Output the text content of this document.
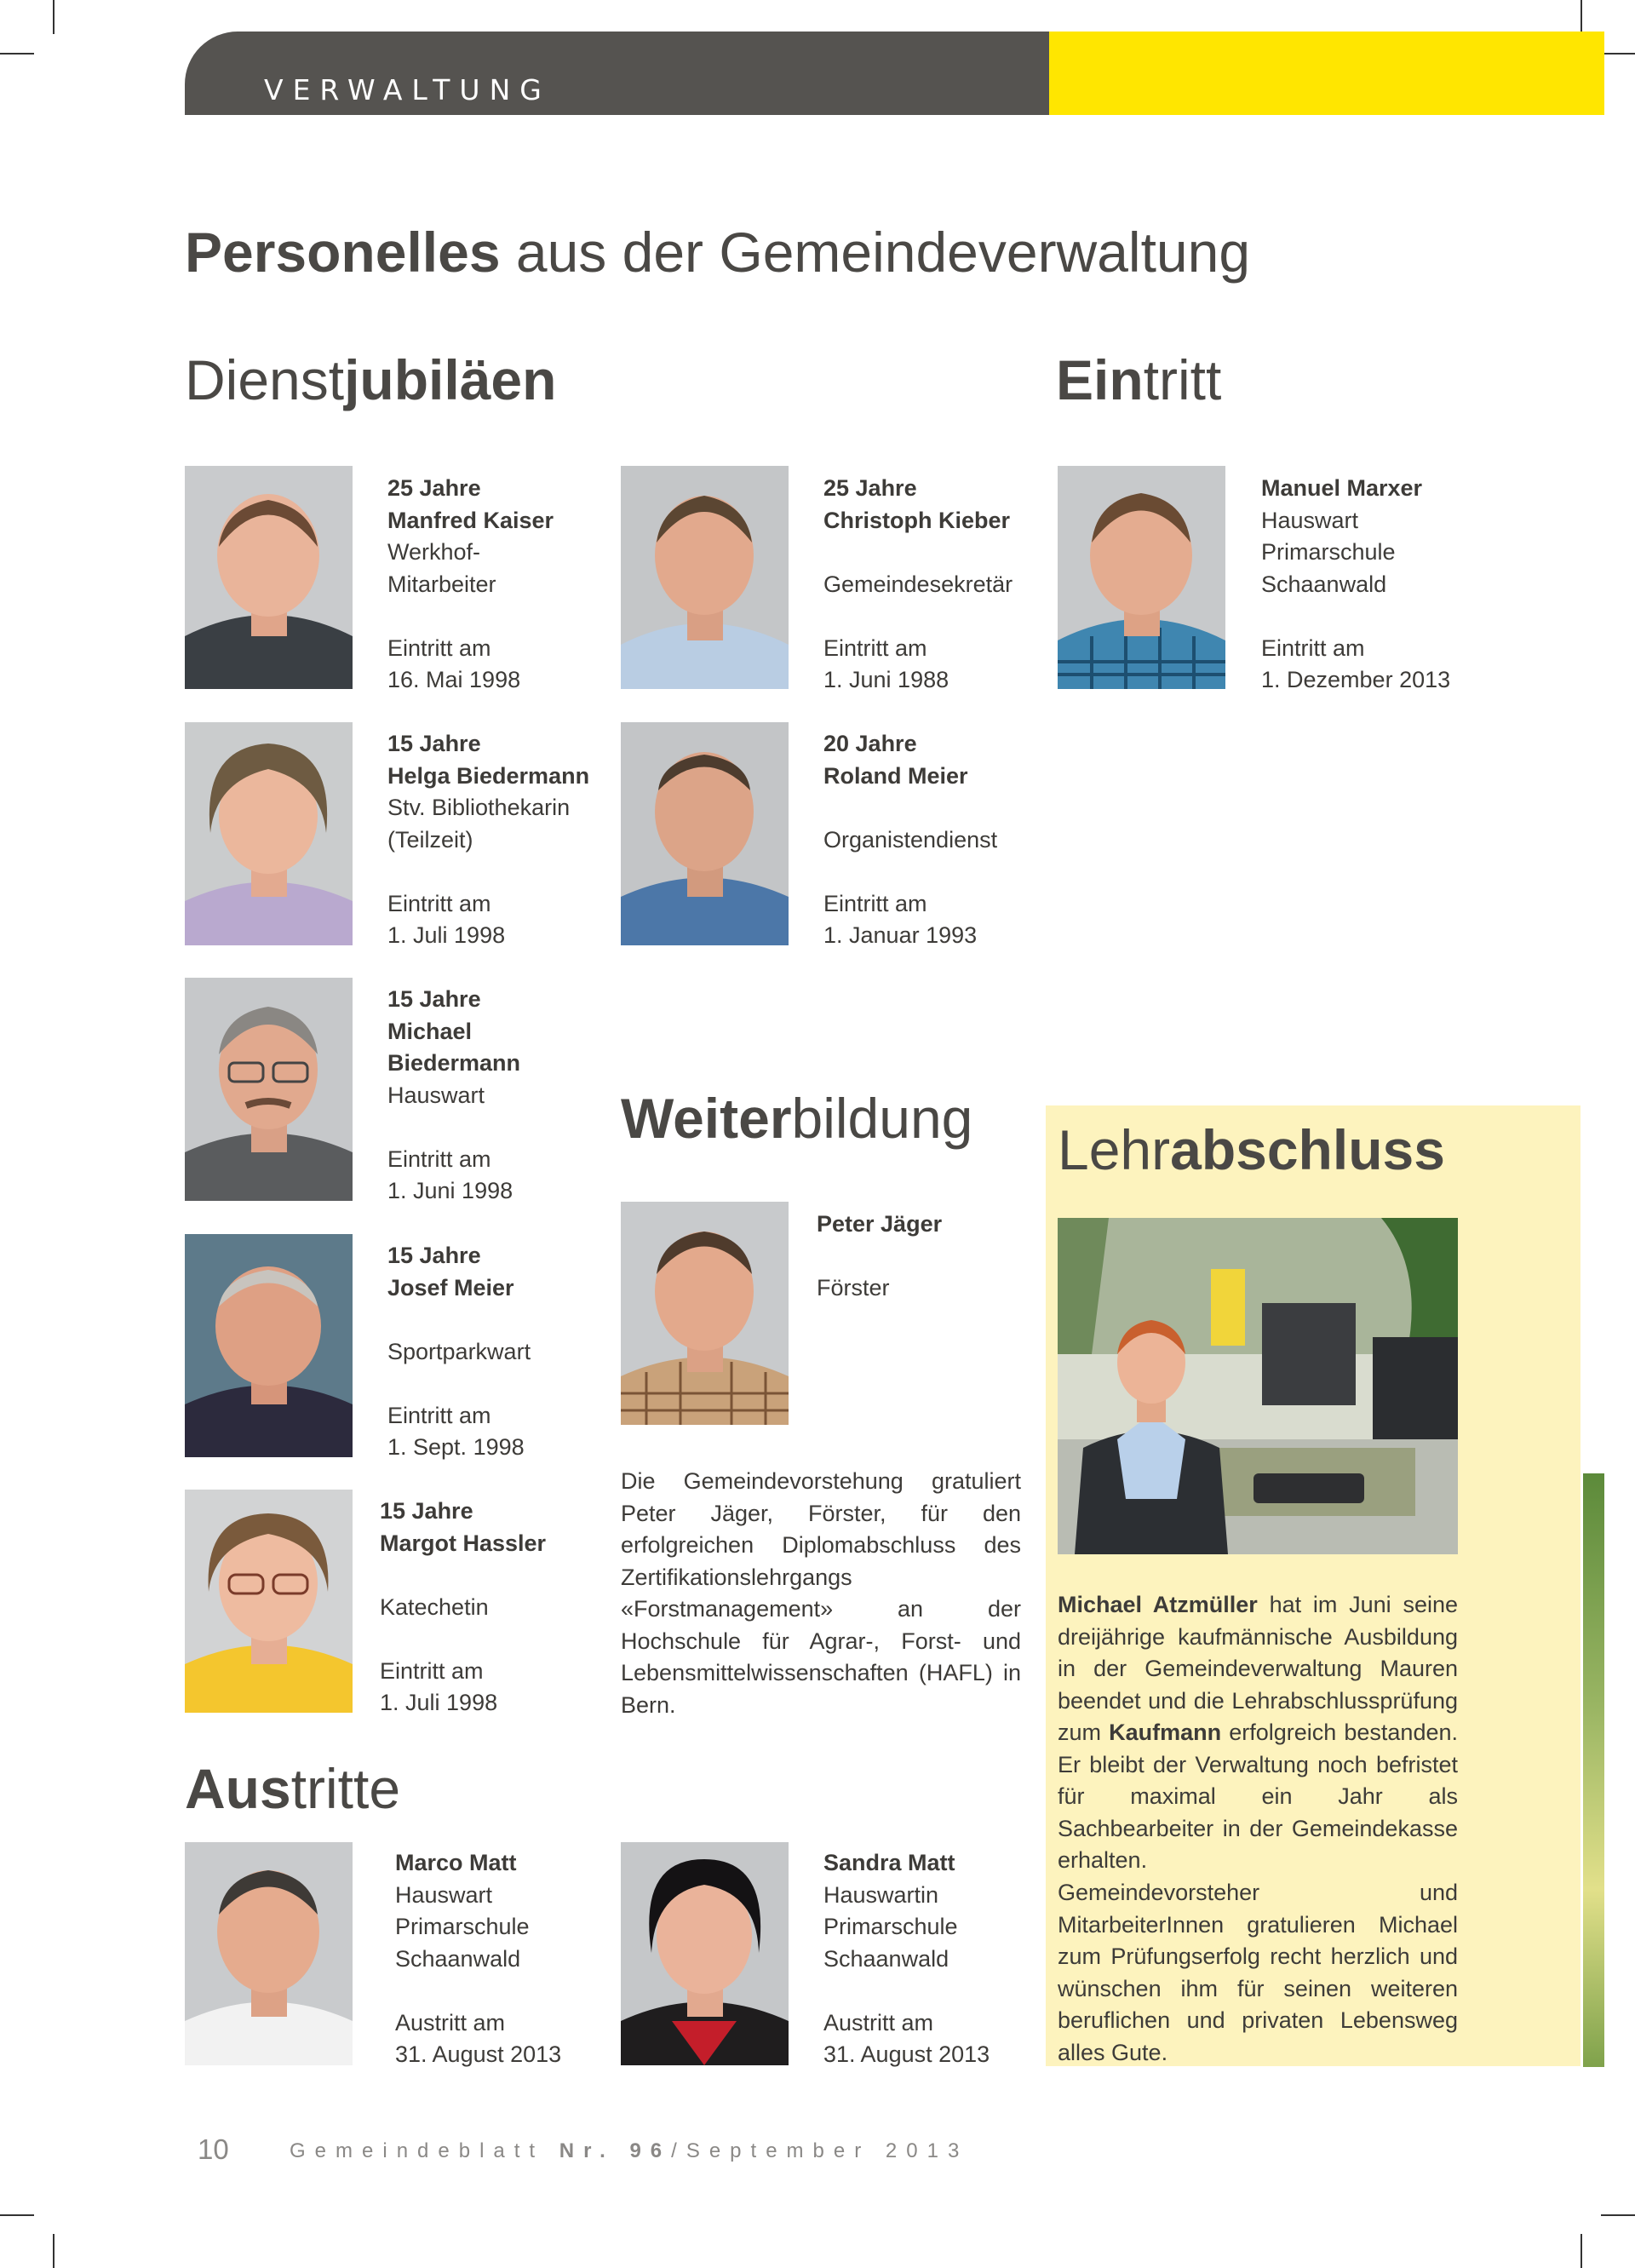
VERWALTUNG
Personelles aus der Gemeindeverwaltung
Dienstjubiläen	Eintritt
25 Jahre
Manfred Kaiser
Werkhof-
Mitarbeiter
Eintritt am
16. Mai 1998
25 Jahre
Christoph Kieber
Gemeindesekretär
Eintritt am
1. Juni 1988
Manuel Marxer
Hauswart
Primarschule
Schaanwald
Eintritt am
1. Dezember 2013
15 Jahre
Helga Biedermann
Stv. Bibliothekarin
(Teilzeit)
Eintritt am
1. Juli 1998
20 Jahre
Roland Meier
Organistendienst
Eintritt am
1. Januar 1993
15 Jahre
Michael
Biedermann
Hauswart
Eintritt am
1. Juni 1998
15 Jahre
Josef Meier
Sportparkwart
Eintritt am
1. Sept. 1998
15 Jahre
Margot Hassler
Katechetin
Eintritt am
1. Juli 1998
Weiterbildung
Peter Jäger
Förster

Die Gemeindevorstehung gratuliert Peter Jäger, Förster, für den erfolgreichen Diplomabschluss des Zertifikationslehrgangs «Forstmanagement» an der Hochschule für Agrar-, Forst- und Lebensmittelwissenschaften (HAFL) in Bern.

Lehrabschluss
Michael Atzmüller hat im Juni seine dreijährige kaufmännische Ausbildung in der Gemeindeverwaltung Mauren beendet und die Lehrabschlussprüfung zum Kaufmann erfolgreich bestanden. Er bleibt der Verwaltung noch befristet für maximal ein Jahr als Sachbearbeiter in der Gemeindekasse erhalten.
Gemeindevorsteher und MitarbeiterInnen gratulieren Michael zum Prüfungserfolg recht herzlich und wünschen ihm für seinen weiteren beruflichen und privaten Lebensweg alles Gute.
Austritte
Marco Matt
Hauswart
Primarschule
Schaanwald
Austritt am
31. August 2013
Sandra Matt
Hauswartin
Primarschule
Schaanwald
Austritt am
31. August 2013
10	Gemeindeblatt Nr. 96/September 2013
